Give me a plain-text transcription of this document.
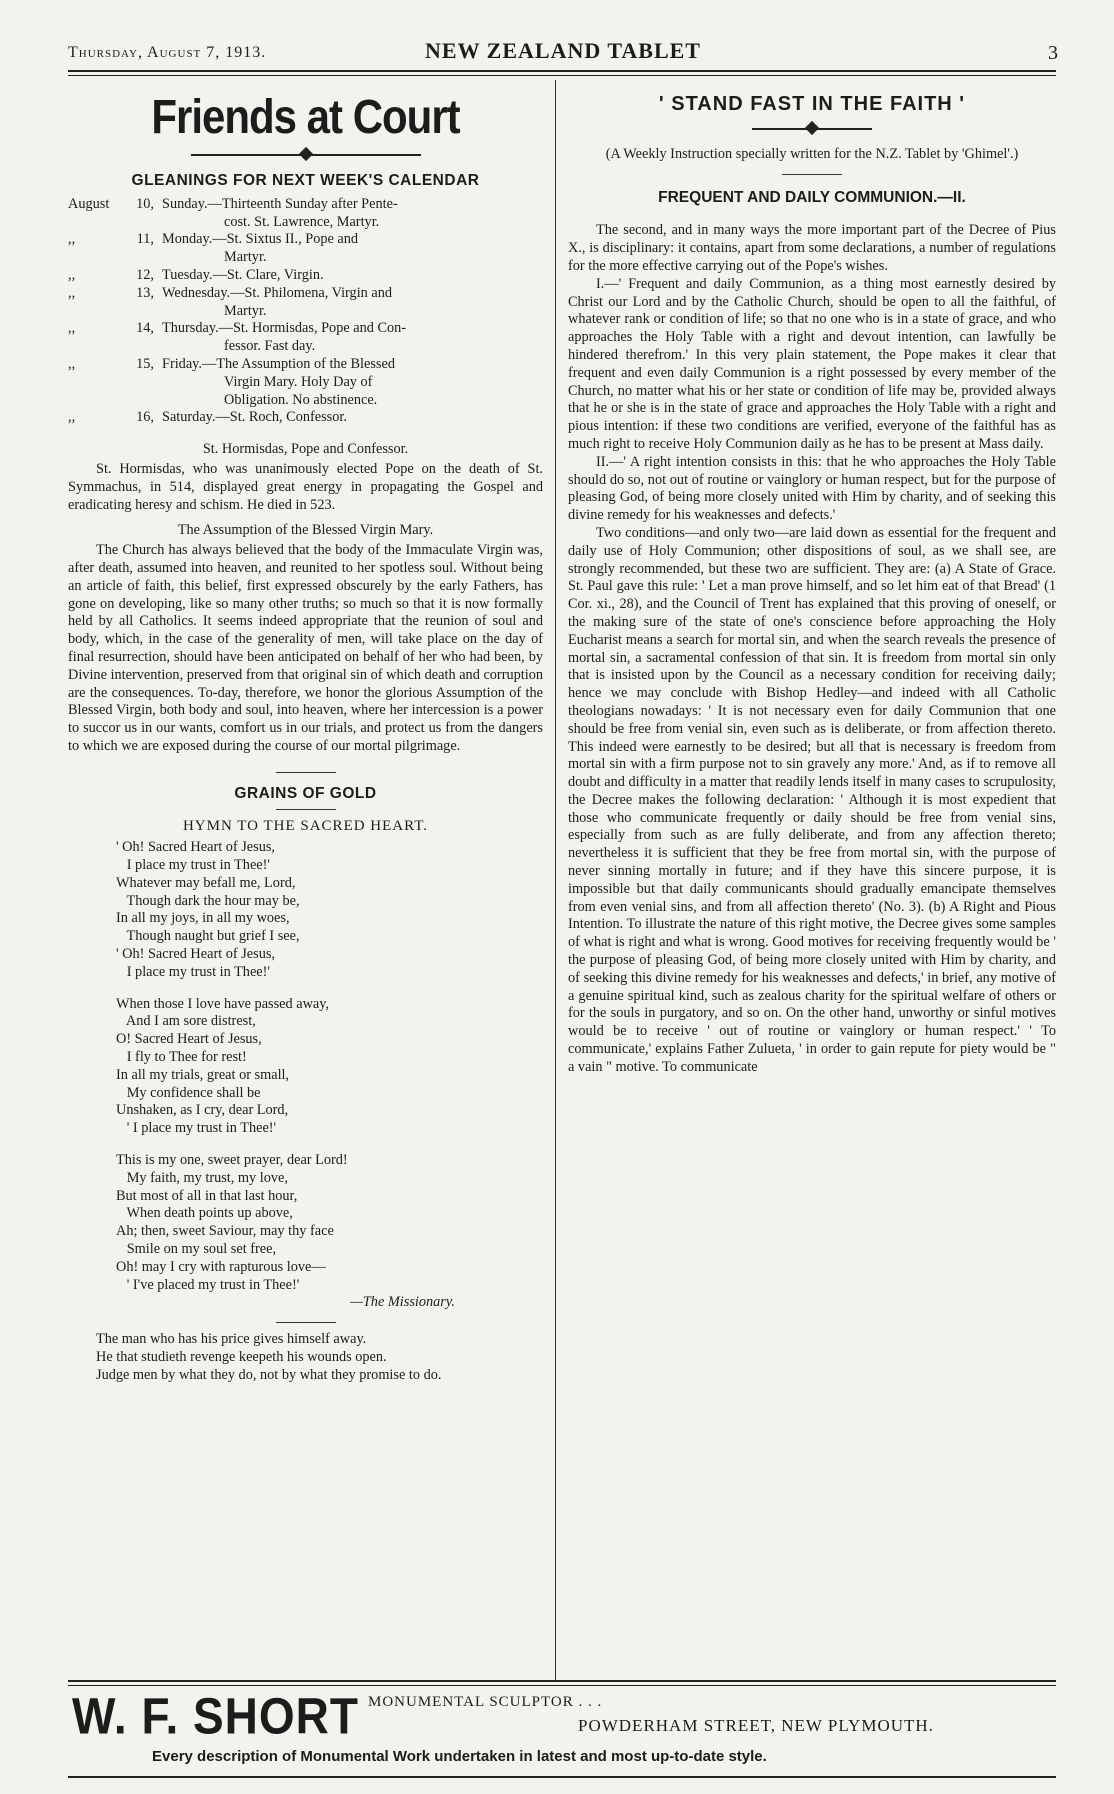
Thursday, August 7, 1913.	NEW ZEALAND TABLET	3
Friends at Court
GLEANINGS FOR NEXT WEEK'S CALENDAR
August	10, Sunday.—Thirteenth Sunday after Pente-
cost. St. Lawrence, Martyr.
,,	11, Monday.—St. Sixtus II., Pope and
Martyr.
,,	12, Tuesday.—St. Clare, Virgin.
,,	13, Wednesday.—St. Philomena, Virgin and
Martyr.
,,	14, Thursday.—St. Hormisdas, Pope and Con-
fessor. Fast day.
,,	15, Friday.—The Assumption of the Blessed
Virgin Mary. Holy Day of
Obligation. No abstinence.
,,	16, Saturday.—St. Roch, Confessor.
St. Hormisdas, Pope and Confessor.

St. Hormisdas, who was unanimously elected Pope on the death of St. Symmachus, in 514, displayed great energy in propagating the Gospel and eradicating heresy and schism. He died in 523.

The Assumption of the Blessed Virgin Mary.

The Church has always believed that the body of the Immaculate Virgin was, after death, assumed into heaven, and reunited to her spotless soul. Without being an article of faith, this belief, first expressed obscurely by the early Fathers, has gone on developing, like so many other truths; so much so that it is now formally held by all Catholics. It seems indeed appropriate that the reunion of soul and body, which, in the case of the generality of men, will take place on the day of final resurrection, should have been anticipated on behalf of her who had been, by Divine intervention, preserved from that original sin of which death and corruption are the consequences. To-day, therefore, we honor the glorious Assumption of the Blessed Virgin, both body and soul, into heaven, where her intercession is a power to succor us in our wants, comfort us in our trials, and protect us from the dangers to which we are exposed during the course of our mortal pilgrimage.

GRAINS OF GOLD
HYMN TO THE SACRED HEART.
' Oh! Sacred Heart of Jesus,
I place my trust in Thee!'
Whatever may befall me, Lord,
Though dark the hour may be,
In all my joys, in all my woes,
Though naught but grief I see,
' Oh! Sacred Heart of Jesus,
I place my trust in Thee!'
When those I love have passed away,
And I am sore distrest,
O! Sacred Heart of Jesus,
I fly to Thee for rest!
In all my trials, great or small,
My confidence shall be
Unshaken, as I cry, dear Lord,
' I place my trust in Thee!'
This is my one, sweet prayer, dear Lord!
My faith, my trust, my love,
But most of all in that last hour,
When death points up above,
Ah; then, sweet Saviour, may thy face
Smile on my soul set free,
Oh! may I cry with rapturous love—
' I've placed my trust in Thee!'
—The Missionary.

The man who has his price gives himself away.

He that studieth revenge keepeth his wounds open.

Judge men by what they do, not by what they promise to do.

' STAND FAST IN THE FAITH '
(A Weekly Instruction specially written for the N.Z. Tablet by 'Ghimel'.)
FREQUENT AND DAILY COMMUNION.—II.

The second, and in many ways the more important part of the Decree of Pius X., is disciplinary: it contains, apart from some declarations, a number of regulations for the more effective carrying out of the Pope's wishes.

I.—' Frequent and daily Communion, as a thing most earnestly desired by Christ our Lord and by the Catholic Church, should be open to all the faithful, of whatever rank or condition of life; so that no one who is in a state of grace, and who approaches the Holy Table with a right and devout intention, can lawfully be hindered therefrom.' In this very plain statement, the Pope makes it clear that frequent and even daily Communion is a right possessed by every member of the Church, no matter what his or her state or condition of life may be, provided always that he or she is in the state of grace and approaches the Holy Table with a right and pious intention: if these two conditions are verified, everyone of the faithful has as much right to receive Holy Communion daily as he has to be present at Mass daily.

II.—' A right intention consists in this: that he who approaches the Holy Table should do so, not out of routine or vainglory or human respect, but for the purpose of pleasing God, of being more closely united with Him by charity, and of seeking this divine remedy for his weaknesses and defects.'

Two conditions—and only two—are laid down as essential for the frequent and daily use of Holy Communion; other dispositions of soul, as we shall see, are strongly recommended, but these two are sufficient. They are: (a) A State of Grace. St. Paul gave this rule: ' Let a man prove himself, and so let him eat of that Bread' (1 Cor. xi., 28), and the Council of Trent has explained that this proving of oneself, or the making sure of the state of one's conscience before approaching the Holy Eucharist means a search for mortal sin, and when the search reveals the presence of mortal sin, a sacramental confession of that sin. It is freedom from mortal sin only that is insisted upon by the Council as a necessary condition for receiving daily; hence we may conclude with Bishop Hedley—and indeed with all Catholic theologians nowadays: ' It is not necessary even for daily Communion that one should be free from venial sin, even such as is deliberate, or from affection thereto. This indeed were earnestly to be desired; but all that is necessary is freedom from mortal sin with a firm purpose not to sin gravely any more.' And, as if to remove all doubt and difficulty in a matter that readily lends itself in many cases to scrupulosity, the Decree makes the following declaration: ' Although it is most expedient that those who communicate frequently or daily should be free from venial sins, especially from such as are fully deliberate, and from any affection thereto; nevertheless it is sufficient that they be free from mortal sin, with the purpose of never sinning mortally in future; and if they have this sincere purpose, it is impossible but that daily communicants should gradually emancipate themselves from even venial sins, and from all affection thereto' (No. 3). (b) A Right and Pious Intention. To illustrate the nature of this right motive, the Decree gives some samples of what is right and what is wrong. Good motives for receiving frequently would be ' the purpose of pleasing God, of being more closely united with Him by charity, and of seeking this divine remedy for his weaknesses and defects,' in brief, any motive of a genuine spiritual kind, such as zealous charity for the spiritual welfare of others or for the souls in purgatory, and so on. On the other hand, unworthy or sinful motives would be to receive ' out of routine or vainglory or human respect.' ' To communicate,' explains Father Zulueta, ' in order to gain repute for piety would be " a vain " motive. To communicate

W. F. SHORT MONUMENTAL SCULPTOR . . .
POWDERHAM STREET, NEW PLYMOUTH.
Every description of Monumental Work undertaken in latest and most up-to-date style.
